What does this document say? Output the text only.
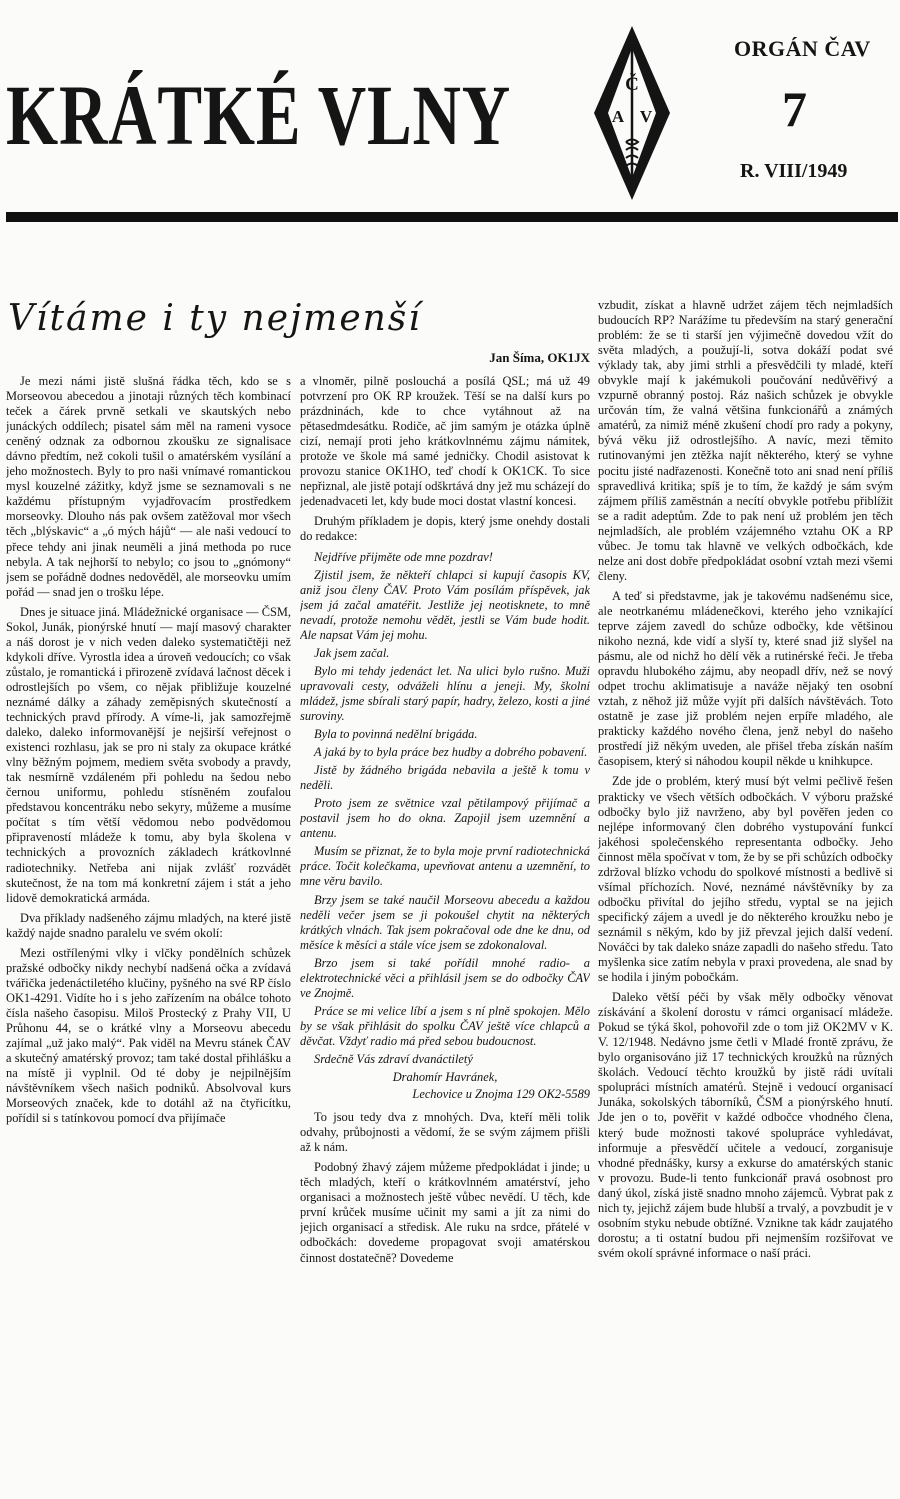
KRÁTKÉ VLNY	Č
A V
ORGÁN ČAV
7
R. VIII/1949
Vítáme i ty nejmenší
Jan Šíma, OK1JX

Je mezi námi jistě slušná řádka těch, kdo se s Morseovou abecedou a jinotaji různých těch kombinací teček a čárek prvně setkali ve skautských nebo junáckých oddílech; pisatel sám měl na rameni vysoce ceněný odznak za odbornou zkoušku ze signalisace dávno předtím, než cokoli tušil o amatérském vysílání a jeho možnostech. Byly to pro naši vnímavé romantickou mysl kouzelné zážitky, když jsme se seznamovali s ne každému přístupným vyjadřovacím prostředkem morseovky. Dlouho nás pak ovšem zatěžoval mor všech těch „blýskavic“ a „ó mých hájů“ — ale naši vedoucí to přece tehdy ani jinak neuměli a jiná methoda po ruce nebyla. A tak nejhorší to nebylo; co jsou to „gnómony“ jsem se pořádně dodnes nedověděl, ale morseovku umím pořád — snad jen o trošku lépe.

Dnes je situace jiná. Mládežnické organisace — ČSM, Sokol, Junák, pionýrské hnutí — mají masový charakter a náš dorost je v nich veden daleko systematičtěji než kdykoli dříve. Vyrostla idea a úroveň vedoucích; co však zůstalo, je romantická i přirozeně zvídavá lačnost děcek i odrostlejších po všem, co nějak přibližuje kouzelné neznámé dálky a záhady zeměpisných skutečností a technických pravd přírody. A víme-li, jak samozřejmě daleko, daleko informovanější je nejširší veřejnost o existenci rozhlasu, jak se pro ni staly za okupace krátké vlny běžným pojmem, mediem světa svobody a pravdy, tak nesmírně vzdáleném při pohledu na šedou nebo černou uniformu, pohledu stísněném zoufalou představou koncentráku nebo sekyry, můžeme a musíme počítat s tím větší vědomou nebo podvědomou připraveností mládeže k tomu, aby byla školena v technických a provozních základech krátkovlnné radiotechniky. Netřeba ani nijak zvlášť rozvádět skutečnost, že na tom má konkretní zájem i stát a jeho lidově demokratická armáda.

Dva příklady nadšeného zájmu mladých, na které jistě každý najde snadno paralelu ve svém okolí:

Mezi ostřílenými vlky i vlčky pondělních schůzek pražské odbočky nikdy nechybí nadšená očka a zvídavá tvářička jedenáctiletého klučiny, pyšného na své RP číslo OK1-4291. Vidíte ho i s jeho zařízením na obálce tohoto čísla našeho časopisu. Miloš Prostecký z Prahy VII, U Průhonu 44, se o krátké vlny a Morseovu abecedu zajímal „už jako malý“. Pak viděl na Mevru stánek ČAV a skutečný amatérský provoz; tam také dostal přihlášku a na místě ji vyplnil. Od té doby je nejpilnějším návštěvníkem všech našich podniků. Absolvoval kurs Morseových značek, kde to dotáhl až na čtyřicítku, pořídil si s tatínkovou pomocí dva přijímače

a vlnoměr, pilně poslouchá a posílá QSL; má už 49 potvrzení pro OK RP kroužek. Těší se na další kurs po prázdninách, kde to chce vytáhnout až na pětasedmdesátku. Rodiče, ač jim samým je otázka úplně cizí, nemají proti jeho krátkovlnnému zájmu námitek, protože ve škole má samé jedničky. Chodil asistovat k provozu stanice OK1HO, teď chodí k OK1CK. To sice nepřiznal, ale jistě potají odškrtává dny jež mu scházejí do jedenadvaceti let, kdy bude moci dostat vlastní koncesi.

Druhým příkladem je dopis, který jsme onehdy dostali do redakce:

Nejdříve přijměte ode mne pozdrav!

Zjistil jsem, že někteří chlapci si kupují časopis KV, aniž jsou členy ČAV. Proto Vám posílám příspěvek, jak jsem já začal amatéřit. Jestliže jej neotisknete, to mně nevadí, protože nemohu vědět, jestli se Vám bude hodit. Ale napsat Vám jej mohu.

Jak jsem začal.

Bylo mi tehdy jedenáct let. Na ulici bylo rušno. Muži upravovali cesty, odváželi hlínu a jeneji. My, školní mládež, jsme sbírali starý papír, hadry, železo, kosti a jiné suroviny.

Byla to povinná nedělní brigáda.

A jaká by to byla práce bez hudby a dobrého pobavení.

Jistě by žádného brigáda nebavila a ještě k tomu v neděli.

Proto jsem ze světnice vzal pětilampový přijímač a postavil jsem ho do okna. Zapojil jsem uzemnění a antenu.

Musím se přiznat, že to byla moje první radiotechnická práce. Točit kolečkama, upevňovat antenu a uzemnění, to mne věru bavilo.

Brzy jsem se také naučil Morseovu abecedu a každou neděli večer jsem se ji pokoušel chytit na některých krátkých vlnách. Tak jsem pokračoval ode dne ke dnu, od měsíce k měsíci a stále více jsem se zdokonaloval.

Brzo jsem si také pořídil mnohé radio- a elektrotechnické věci a přihlásil jsem se do odbočky ČAV ve Znojmě.

Práce se mi velice líbí a jsem s ní plně spokojen. Mělo by se však přihlásit do spolku ČAV ještě více chlapců a děvčat. Vždyť radio má před sebou budoucnost.

Srdečně Vás zdraví dvanáctiletý

Drahomír Havránek,
Lechovice u Znojma 129 OK2-5589

To jsou tedy dva z mnohých. Dva, kteří měli tolik odvahy, průbojnosti a vědomí, že se svým zájmem přišli až k nám.

Podobný žhavý zájem můžeme předpokládat i jinde; u těch mladých, kteří o krátkovlnném amatérství, jeho organisaci a možnostech ještě vůbec nevědí. U těch, kde první krůček musíme učinit my sami a jít za nimi do jejich organisací a středisk. Ale ruku na srdce, přátelé v odbočkách: dovedeme propagovat svoji amatérskou činnost dostatečně? Dovedeme

vzbudit, získat a hlavně udržet zájem těch nejmladších budoucích RP? Narážíme tu především na starý generační problém: že se ti starší jen výjimečně dovedou vžít do světa mladých, a použují-li, sotva dokáží podat své výklady tak, aby jimi strhli a přesvědčili ty mladé, kteří obvykle mají k jakémukoli poučování nedůvěřivý a vzpurně obranný postoj. Ráz našich schůzek je obvykle určován tím, že valná většina funkcionářů a známých amatérů, za nimiž méně zkušení chodí pro rady a pokyny, bývá věku již odrostlejšího. A navíc, mezi těmito rutinovanými jen ztěžka najít některého, který se vyhne pocitu jisté nadřazenosti. Konečně toto ani snad není příliš spravedlivá kritika; spíš je to tím, že každý je sám svým zájmem příliš zaměstnán a necítí obvykle potřebu přiblížit se a radit adeptům. Zde to pak není už problém jen těch nejmladších, ale problém vzájemného vztahu OK a RP vůbec. Je tomu tak hlavně ve velkých odbočkách, kde nelze ani dost dobře předpokládat osobní vztah mezi všemi členy.

A teď si představme, jak je takovému nadšenému sice, ale neotrkanému mládenečkovi, kterého jeho vznikající teprve zájem zavedl do schůze odbočky, kde většinou nikoho nezná, kde vidí a slyší ty, které snad již slyšel na pásmu, ale od nichž ho dělí věk a rutinérské řeči. Je třeba opravdu hlubokého zájmu, aby neopadl dřív, než se nový odpet trochu aklimatisuje a naváže nějaký ten osobní vztah, z něhož již může vyjít při dalších návštěvách. Toto ostatně je zase již problém nejen erpíře mladého, ale prakticky každého nového člena, jenž nebyl do našeho prostředí již někým uveden, ale přišel třeba získán naším časopisem, který si náhodou koupil někde u knihkupce.

Zde jde o problém, který musí být velmi pečlivě řešen prakticky ve všech větších odbočkách. V výboru pražské odbočky bylo již navrženo, aby byl pověřen jeden co nejlépe informovaný člen dobrého vystupování funkcí jakéhosi společenského representanta odbočky. Jeho činnost měla spočívat v tom, že by se při schůzích odbočky zdržoval blízko vchodu do spolkové místnosti a bedlivě si všímal příchozích. Nové, neznámé návštěvníky by za odbočku přivítal do jejího středu, vyptal se na jejich specifický zájem a uvedl je do některého kroužku nebo je seznámil s někým, kdo by již převzal jejich další vedení. Nováčci by tak daleko snáze zapadli do našeho středu. Tato myšlenka sice zatím nebyla v praxi provedena, ale snad by se hodila i jiným pobočkám.

Daleko větší péči by však měly odbočky věnovat získávání a školení dorostu v rámci organisací mládeže. Pokud se týká škol, pohovořil zde o tom již OK2MV v K. V. 12/1948. Nedávno jsme četli v Mladé frontě zprávu, že bylo organisováno již 17 technických kroužků na různých školách. Vedoucí těchto kroužků by jistě rádi uvítali spolupráci místních amatérů. Stejně i vedoucí organisací Junáka, sokolských táborníků, ČSM a pionýrského hnutí. Jde jen o to, pověřit v každé odbočce vhodného člena, který bude možnosti takové spolupráce vyhledávat, informuje a přesvědčí učitele a vedoucí, zorganisuje vhodné přednášky, kursy a exkurse do amatérských stanic v provozu. Bude-li tento funkcionář pravá osobnost pro daný úkol, získá jistě snadno mnoho zájemců. Vybrat pak z nich ty, jejichž zájem bude hlubší a trvalý, a povzbudit je v osobním styku nebude obtížné. Vznikne tak kádr zaujatého dorostu; a ti ostatní budou při nejmenším rozšiřovat ve svém okolí správné informace o naší práci.
